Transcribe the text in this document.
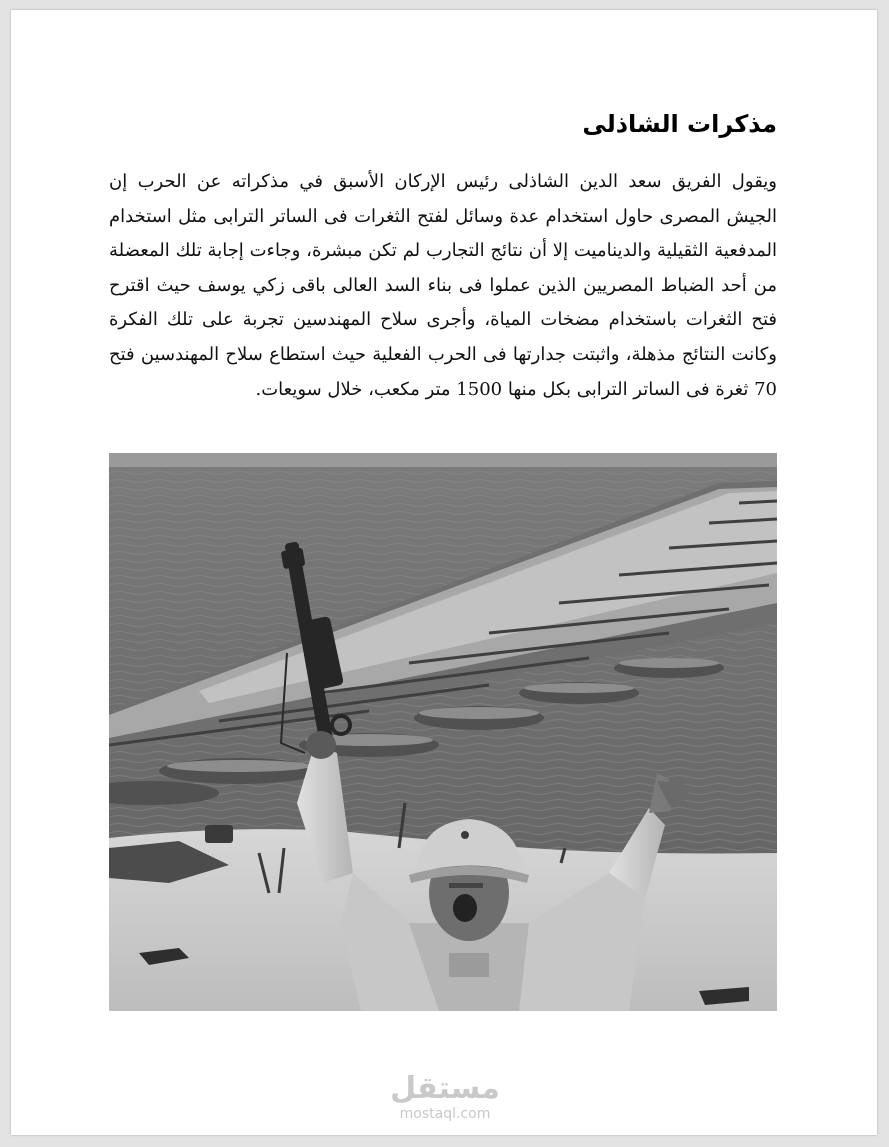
مذكرات الشاذلى

ويقول الفريق سعد الدين الشاذلى رئيس الإركان الأسبق في مذكراته عن الحرب إن الجيش المصرى حاول استخدام عدة وسائل لفتح الثغرات فى الساتر الترابى مثل استخدام المدفعية الثقيلية والديناميت إلا أن نتائج التجارب لم تكن مبشرة، وجاءت إجابة تلك المعضلة من أحد الضباط المصريين الذين عملوا فى بناء السد العالى باقى زكي يوسف حيث اقترح فتح الثغرات باستخدام مضخات المياة، وأجرى سلاح المهندسين تجربة على تلك الفكرة وكانت النتائج مذهلة، واثبتت جدارتها فى الحرب الفعلية حيث استطاع سلاح المهندسين فتح 70 ثغرة فى الساتر الترابى بكل منها 1500 متر مكعب، خلال سويعات.

مستقل
mostaql.com
